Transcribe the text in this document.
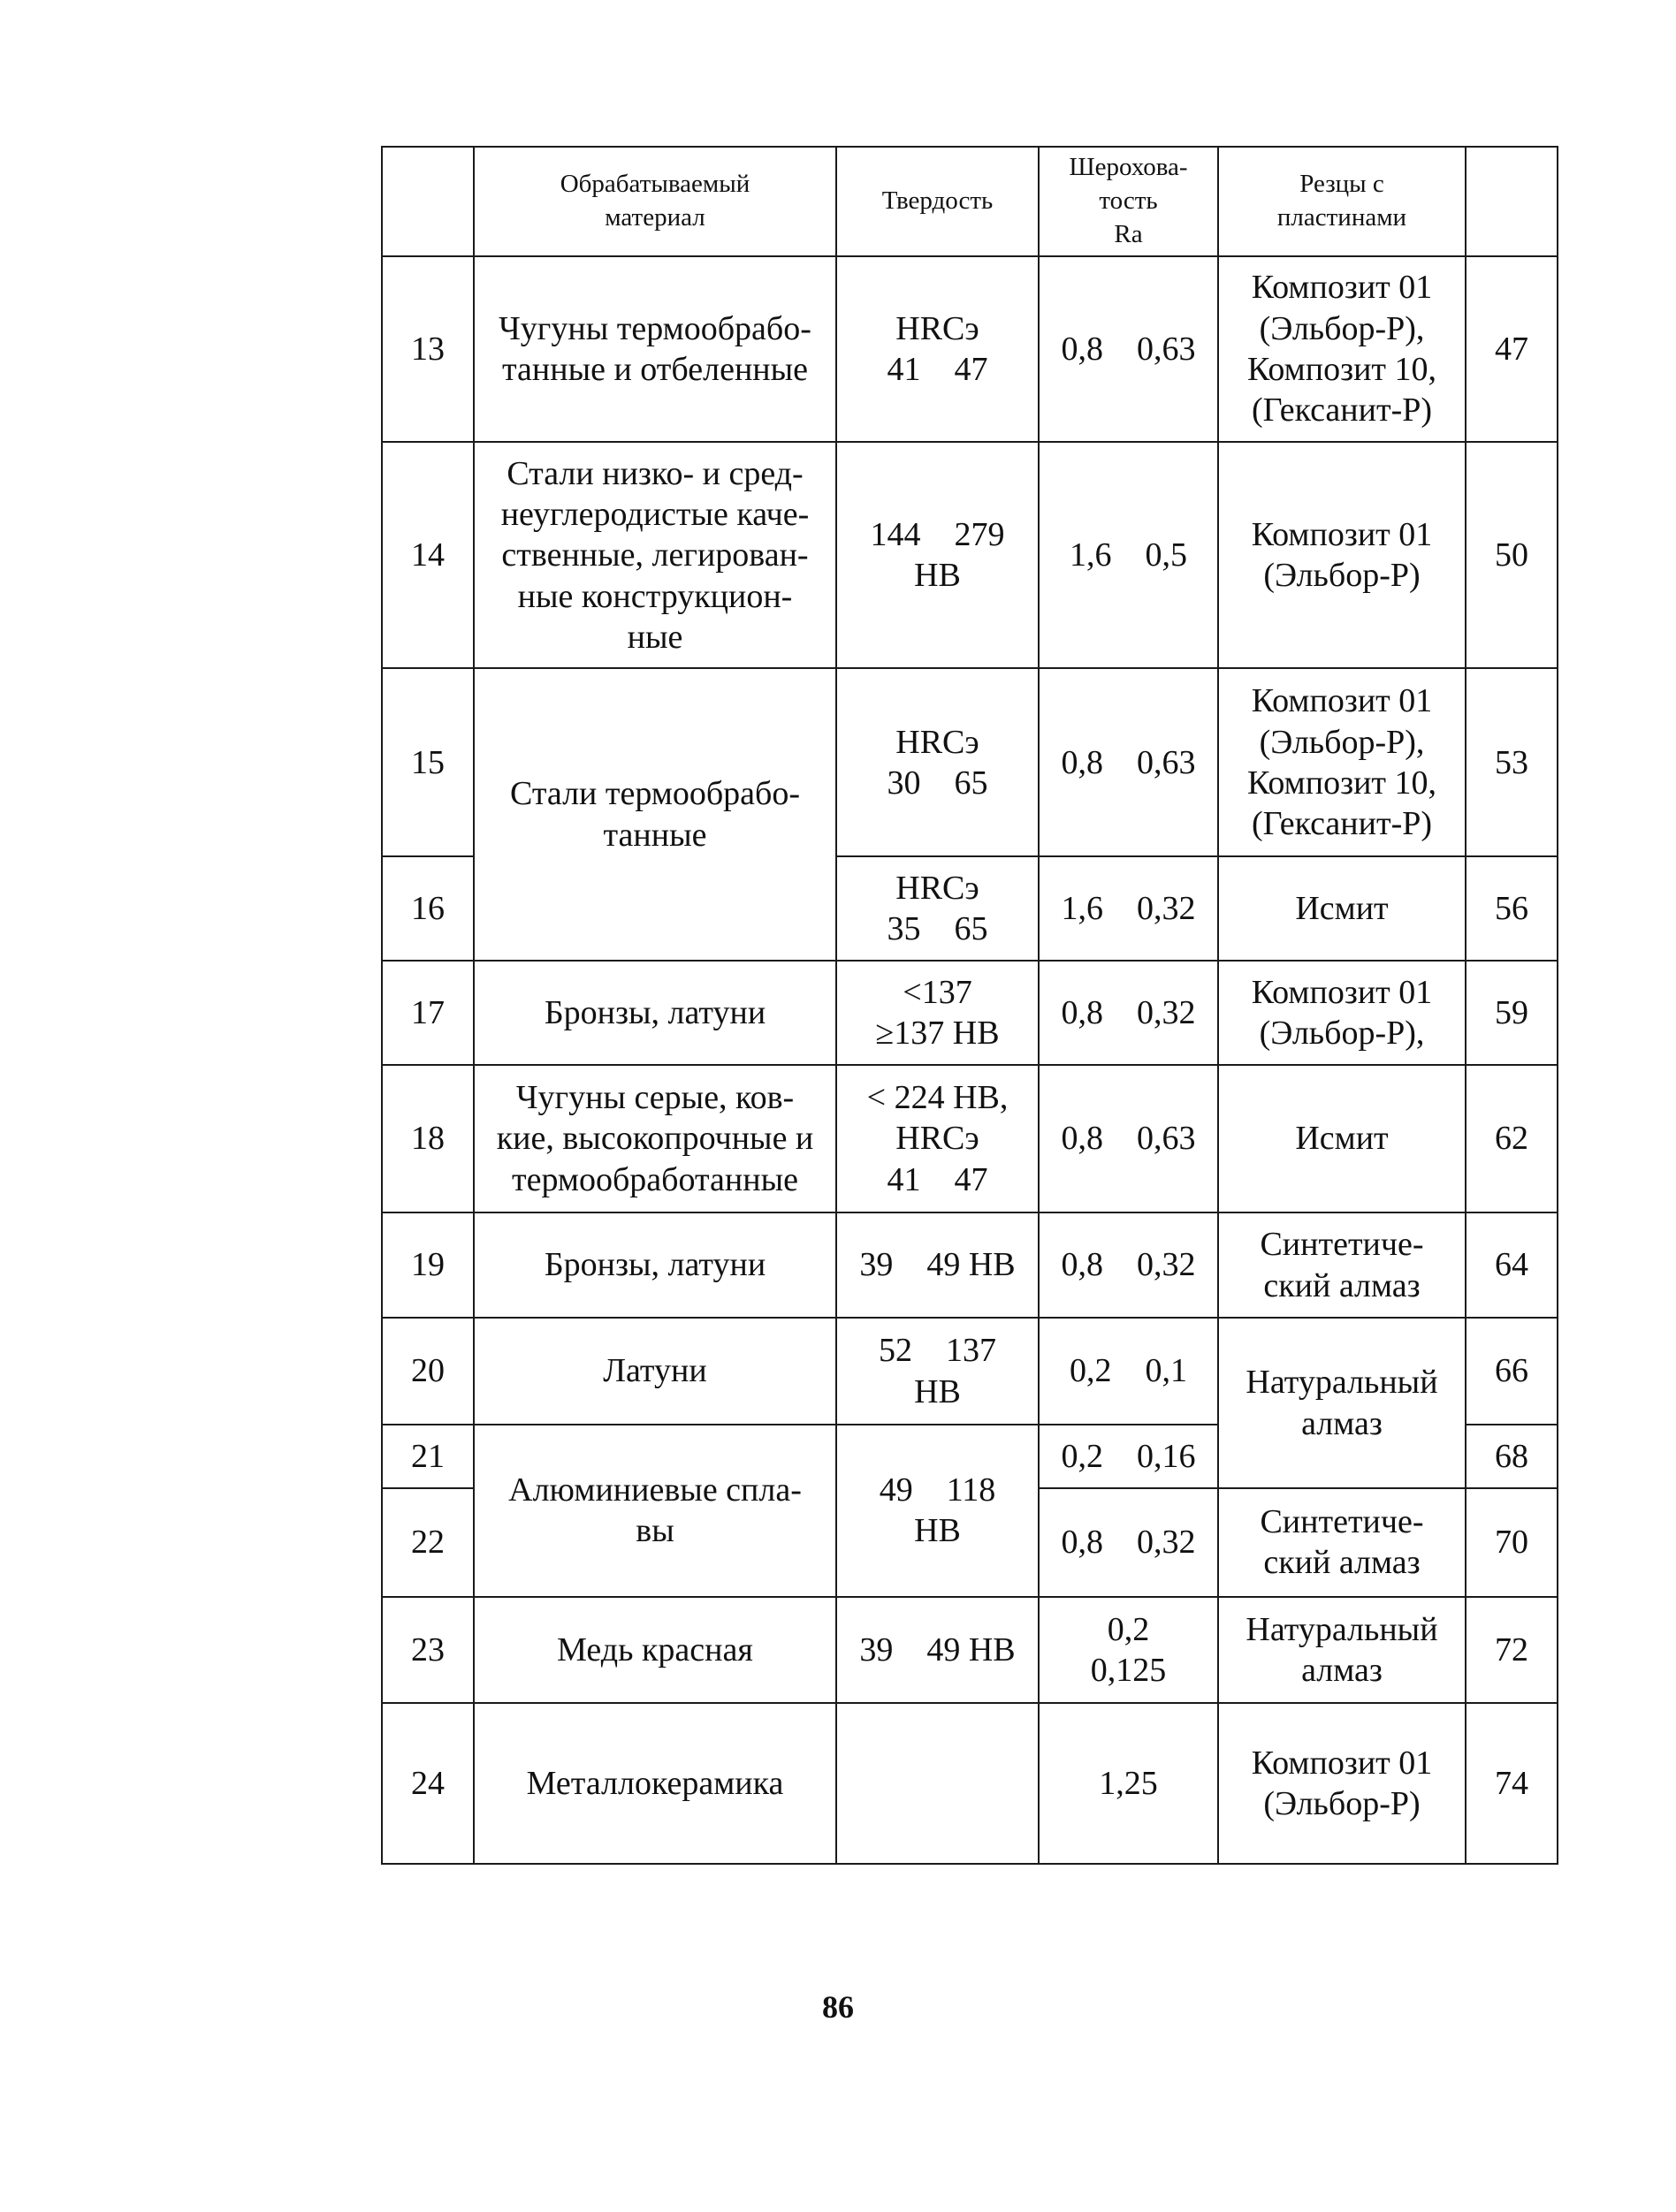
	Обрабатываемый
материал	Твердость	Шерохова-
тость
Ra	Резцы с
пластинами	

13	Чугуны термообрабо-
танные и отбеленные	HRCэ
41    47	0,8    0,63	Композит 01
(Эльбор-Р),
Композит 10,
(Гексанит-Р)	47
14	Стали низко- и сред-
неуглеродистые каче-
ственные, легирован-
ные конструкцион-
ные	144    279
НВ	1,6    0,5	Композит 01
(Эльбор-Р)	50
15	Стали термообрабо-
танные	HRCэ
30    65	0,8    0,63	Композит 01
(Эльбор-Р),
Композит 10,
(Гексанит-Р)	53
16		HRCэ
35    65	1,6    0,32	Исмит	56
17	Бронзы, латуни	<137
≥137 НВ	0,8    0,32	Композит 01
(Эльбор-Р),	59
18	Чугуны серые, ков-
кие, высокопрочные и
термообработанные	< 224 НВ,
HRCэ
41    47	0,8    0,63	Исмит	62
19	Бронзы, латуни	39    49 НВ	0,8    0,32	Синтетиче-
ский алмаз	64
20	Латуни	52    137
НВ	0,2    0,1	Натуральный
алмаз	66
21	Алюминиевые спла-
вы	49    118
НВ	0,2    0,16		68
22			0,8    0,32	Синтетиче-
ский алмаз	70
23	Медь красная	39    49 НВ	0,2
0,125	Натуральный
алмаз	72
24	Металлокерамика		1,25	Композит 01
(Эльбор-Р)	74
86
